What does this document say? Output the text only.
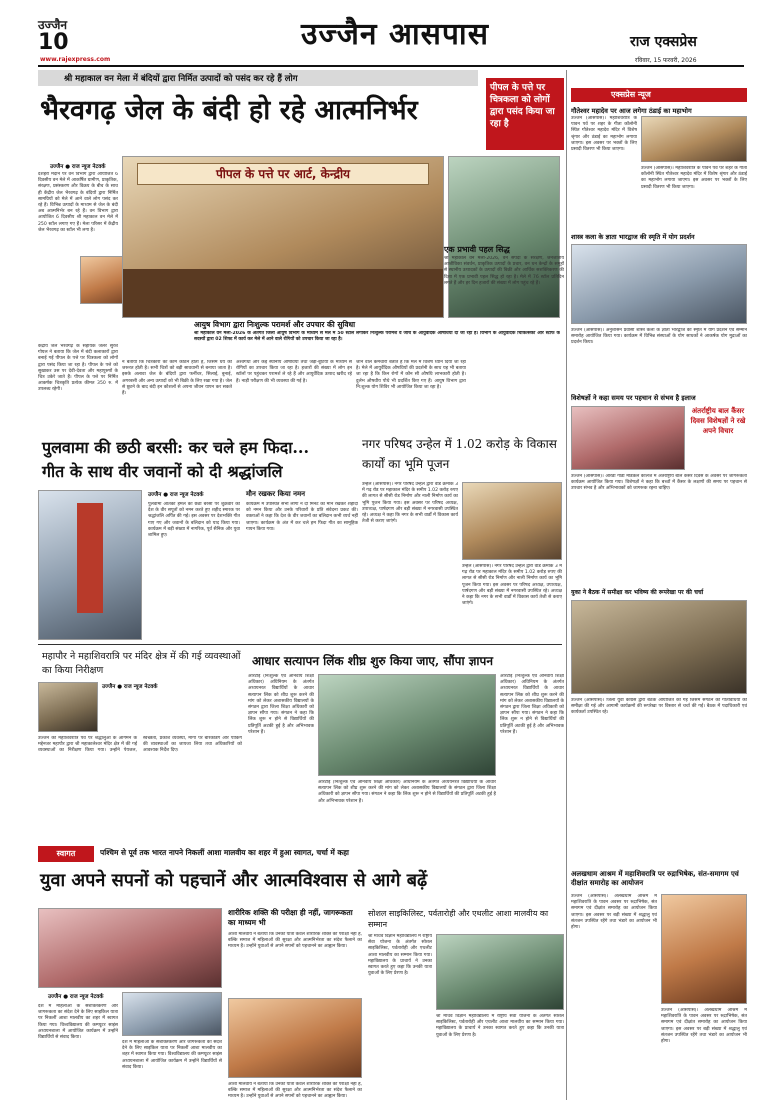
उज्जैन
10
www.rajexpress.com
उज्जैन आसपास	राज एक्सप्रेस
रविवार, 15 फरवरी, 2026
श्री महाकाल वन मेला में बंदियों द्वारा निर्मित उत्पादों को पसंद कर रहे हैं लोग
भैरवगढ़ जेल के बंदी हो रहे आत्मनिर्भर
पीपल के पत्ते पर चित्रकला को लोगों द्वारा पसंद किया जा रहा है
उज्जैन ● राज न्यूज नेटवर्क
दशहरा मैदान पर वन विभाग द्वारा आयोजित 6 दिवसीय वन मेले में आकर्षित ग्रामीण, प्राकृतिक, संरक्षण, प्रसंस्करण और विक्रय के बीच के साथ ही केंद्रीय जेल भैरवगढ़ के बंदियों द्वारा निर्मित सामग्रियों को मेले में आने वाले लोग पसंद कर रहे हैं। विभिन्न उत्पादों के माध्यम से जेल के बंदी अब आत्मनिर्भर बन रहे हैं। वन विभाग द्वारा आयोजित 6 दिवसीय श्री महाकाल वन मेले में 250 स्टॉल लगाए गए हैं। मेला परिसर में केंद्रीय जेल भैरवगढ़ का स्टॉल भी लगा है।
केंद्रीय जेल भैरवगढ़ के सहायक जेलर सुरेश गोयल ने बताया कि जेल में बंदी कलाकारों द्वारा बनाई गई पीपल के पत्ते पर चित्रकला को लोगों द्वारा पसंद किया जा रहा है। पीपल के पत्ते को सुखाकर उस पर देवी-देवता और महापुरुषों के चित्र उकेरे जाते हैं। पीपल के पत्ते पर निर्मित आकर्षक चित्रकृति प्रत्येक कीमत 350 रु. में उपलब्ध रहेगी।
पीपल के पत्ते पर आर्ट, केन्द्रीय
आयुष विभाग द्वारा निःशुल्क परामर्श और उपचार की सुविधा
श्री महाकाल वन मेला-2026 के अंतर्गत जिला आयुष विभाग के माध्यम से मेले में 50 स्टॉल लगाकर निःशुल्क परामर्श व जाँच के आयुर्वेदिक औषधियों दी जा रही हैं। विभाग के आयुर्वेदिक चिकित्सकों और स्टाफ के सदस्यों द्वारा 02 शिफ्ट में कार्य कर मेले में आने वाले रोगियों को उपचार किया जा रहा है।
ने बताया कि चित्रकारी का काम कठिन होता है, जिसमें धैर्य की जरूरत होती है। सभी चित्रों को बड़ी सावधानी से बनाया जाता है। इसके अलावा जेल के बंदियों द्वारा फर्नीचर, सिलाई, बुनाई, अगरबत्ती और अन्य उत्पादों को भी बिक्री के लिए रखा गया है। जेल से छूटने के बाद बंदी इन कौशलों से अपना जीवन यापन कर सकते हैं।
अश्वगंधा और कई स्थानीय औषधियाँ तथा जड़ी-बूटियों के माध्यम से रोगियों का उपचार किया जा रहा है। हजारों की संख्या में लोग इन स्टॉलों पर पहुंचकर परामर्श ले रहे हैं और आयुर्वेदिक उत्पाद खरीद रहे हैं। नाड़ी परीक्षण की भी व्यवस्था की गई है।
जाने वाले कर्मचारी बताते हैं कि मेले में विशेष ध्यान दिया जा रहा है। मेले में आयुर्वेदिक औषधियों की प्रदर्शनी के साथ यह भी बताया जा रहा है कि किन रोगों में कौन सी औषधि लाभकारी होती है। दुर्लभ औषधीय पौधे भी प्रदर्शित किए गए हैं। आयुष विभाग द्वारा नि:शुल्क योग शिविर भी आयोजित किया जा रहा है।
एक प्रभावी पहल सिद्ध
श्री महाकाल वन मेला-2026, वन संपदा के संरक्षण, जनजातीय आजीविका संवर्धन, प्राकृतिक उत्पादों के प्रचार, वन धन केन्द्रों के समूहों से स्थानीय उत्पादकों के उत्पादों की बिक्री और आर्थिक सशक्तिकरण की दिशा में एक प्रभावी पहल सिद्ध हो रहा है। मेले में 76 स्टॉल प्रतिदिन लगते हैं और हर दिन हजारों की संख्या में लोग पहुंच रहे हैं।
एक्सप्रेस न्यूज
गौतेश्वर महादेव पर आज लगेगा ठंडाई का महाभोग
उज्जैन (आसपास)। महाशिवरात्रि के पावन पर्व पर शहर के गीता कॉलोनी स्थित गौतेश्वर महादेव मंदिर में विशेष श्रृंगार और ठंडाई का महाभोग लगाया जाएगा। इस अवसर पर भक्तों के लिए प्रसादी वितरण भी किया जाएगा।
उज्जैन (आसपास)। महाशिवरात्रि के पावन पर्व पर शहर के गीता कॉलोनी स्थित गौतेश्वर महादेव मंदिर में विशेष श्रृंगार और ठंडाई का महाभोग लगाया जाएगा। इस अवसर पर भक्तों के लिए प्रसादी वितरण भी किया जाएगा।
शास्त्र कला के ज्ञाता भारद्वाज की स्मृति में योग प्रदर्शन
उज्जैन (आसपास)। अनुशासन प्रवासी शास्त्र कला के ज्ञाता भारद्वाज की स्मृति में योग प्रदर्शन एवं सम्मान समारोह आयोजित किया गया। कार्यक्रम में विभिन्न संस्थाओं के योग साधकों ने आकर्षक योग मुद्राओं का प्रदर्शन किया।
विशेषज्ञों ने कहा समय पर पहचान से संभव है इलाज
अंतर्राष्ट्रीय बाल कैंसर दिवस विशेषज्ञों ने रखे अपने विचार
उज्जैन (आसपास)। आरडी गार्डी मेडिकल कॉलेज में अंतर्राष्ट्रीय बाल कैंसर दिवस के अवसर पर जागरूकता कार्यक्रम आयोजित किया गया। विशेषज्ञों ने कहा कि बच्चों में कैंसर के लक्षणों की समय पर पहचान से उपचार संभव है और अभिभावकों को जागरूक रहना चाहिए।
युका ने बैठक में समीक्षा कर भविष्य की रूपरेखा पर की चर्चा
उज्जैन (आसपास)। जिला युवा कांग्रेस द्वारा बैठक आयोजित की गई जिसमें संगठन की गतिविधियों की समीक्षा की गई और आगामी कार्यक्रमों की रूपरेखा पर विस्तार से चर्चा की गई। बैठक में पदाधिकारी एवं कार्यकर्ता उपस्थित रहे।
अलखधाम आश्रम में महाशिवरात्रि पर रुद्राभिषेक, संत-समागम एवं दीक्षांत समारोह का आयोजन
उज्जैन (आसपास)। अलखधाम आश्रम में महाशिवरात्रि के पावन अवसर पर रुद्राभिषेक, संत समागम एवं दीक्षांत समारोह का आयोजन किया जाएगा। इस अवसर पर बड़ी संख्या में श्रद्धालु एवं संतजन उपस्थित रहेंगे तथा भंडारे का आयोजन भी होगा।
उज्जैन (आसपास)। अलखधाम आश्रम में महाशिवरात्रि के पावन अवसर पर रुद्राभिषेक, संत समागम एवं दीक्षांत समारोह का आयोजन किया जाएगा। इस अवसर पर बड़ी संख्या में श्रद्धालु एवं संतजन उपस्थित रहेंगे तथा भंडारे का आयोजन भी होगा।
पुलवामा की छठी बरसी: कर चले हम फिदा...
गीत के साथ वीर जवानों को दी श्रद्धांजलि
उज्जैन ● राज न्यूज नेटवर्क
पुलवामा आतंकी हमले की छठी बरसी पर शुक्रवार को देश के वीर सपूतों को नमन करते हुए शहीद स्मारक पर श्रद्धांजलि अर्पित की गई। इस अवसर पर देशभक्ति गीत गाए गए और जवानों के बलिदान को याद किया गया। कार्यक्रम में बड़ी संख्या में नागरिक, पूर्व सैनिक और युवा शामिल हुए।
मौन रखकर किया नमन
कार्यक्रम में उपस्थित सभी लोगों ने दो मिनट का मौन रखकर शहीदों को नमन किया और उनके परिवारों के प्रति संवेदना प्रकट की। वक्ताओं ने कहा कि देश के वीर जवानों का बलिदान कभी व्यर्थ नहीं जाएगा। कार्यक्रम के अंत में कर चले हम फिदा गीत का सामूहिक गायन किया गया।
नगर परिषद उन्हेल में 1.02 करोड़ के विकास कार्यों का भूमि पूजन
उन्हेल (आसपास)। नगर परिषद उन्हेल द्वारा वार्ड क्रमांक 3 में गढ़ रोड पर महाकाल मंदिर के समीप 1.02 करोड़ रुपए की लागत से सीसी रोड निर्माण और नाली निर्माण कार्य का भूमि पूजन किया गया। इस अवसर पर परिषद अध्यक्ष, उपाध्यक्ष, पार्षदगण और बड़ी संख्या में नगरवासी उपस्थित रहे। अध्यक्ष ने कहा कि नगर के सभी वार्डों में विकास कार्य तेजी से कराए जाएंगे।
उन्हेल (आसपास)। नगर परिषद उन्हेल द्वारा वार्ड क्रमांक 3 में गढ़ रोड पर महाकाल मंदिर के समीप 1.02 करोड़ रुपए की लागत से सीसी रोड निर्माण और नाली निर्माण कार्य का भूमि पूजन किया गया। इस अवसर पर परिषद अध्यक्ष, उपाध्यक्ष, पार्षदगण और बड़ी संख्या में नगरवासी उपस्थित रहे। अध्यक्ष ने कहा कि नगर के सभी वार्डों में विकास कार्य तेजी से कराए जाएंगे।
महापौर ने महाशिवरात्रि पर मंदिर क्षेत्र में की गई व्यवस्थाओं का किया निरीक्षण
उज्जैन ● राज न्यूज नेटवर्क
उज्जैन को महाशिवरात्रि पर्व पर श्रद्धालुओं के आगमन के मद्देनजर महापौर द्वारा श्री महाकालेश्वर मंदिर क्षेत्र में की गई व्यवस्थाओं का निरीक्षण किया गया। उन्होंने पेयजल, स्वच्छता, प्रकाश व्यवस्था, मार्गों पर बैरिकेडिंग और पार्किंग की व्यवस्थाओं का जायजा लिया तथा अधिकारियों को आवश्यक निर्देश दिए।
आधार सत्यापन लिंक शीघ्र शुरु किया जाए, सौंपा ज्ञापन
आरटीई (निःशुल्क एवं अनिवार्य शिक्षा अधिकार) अधिनियम के अंतर्गत अध्ययनरत विद्यार्थियों के आधार सत्यापन लिंक को शीघ्र शुरू करने की मांग को लेकर अशासकीय विद्यालयों के संगठन द्वारा जिला शिक्षा अधिकारी को ज्ञापन सौंपा गया। संगठन ने कहा कि लिंक शुरू न होने से विद्यार्थियों की प्रतिपूर्ति अटकी हुई है और अभिभावक परेशान हैं।
आरटीई (निःशुल्क एवं अनिवार्य शिक्षा अधिकार) अधिनियम के अंतर्गत अध्ययनरत विद्यार्थियों के आधार सत्यापन लिंक को शीघ्र शुरू करने की मांग को लेकर अशासकीय विद्यालयों के संगठन द्वारा जिला शिक्षा अधिकारी को ज्ञापन सौंपा गया। संगठन ने कहा कि लिंक शुरू न होने से विद्यार्थियों की प्रतिपूर्ति अटकी हुई है और अभिभावक परेशान हैं।
आरटीई (निःशुल्क एवं अनिवार्य शिक्षा अधिकार) अधिनियम के अंतर्गत अध्ययनरत विद्यार्थियों के आधार सत्यापन लिंक को शीघ्र शुरू करने की मांग को लेकर अशासकीय विद्यालयों के संगठन द्वारा जिला शिक्षा अधिकारी को ज्ञापन सौंपा गया। संगठन ने कहा कि लिंक शुरू न होने से विद्यार्थियों की प्रतिपूर्ति अटकी हुई है और अभिभावक परेशान हैं।
स्वागत	पश्चिम से पूर्व तक भारत नापने निकलीं आशा मालवीय का शहर में हुआ स्वागत, चर्चा में कहा
युवा अपने सपनों को पहचानें और आत्मविश्वास से आगे बढ़ें
उज्जैन ● राज न्यूज नेटवर्क
देश में महिलाओं के सशक्तिकरण और जागरूकता का संदेश देने के लिए साइकिल यात्रा पर निकलीं आशा मालवीय का शहर में स्वागत किया गया। विश्वविद्यालय की कम्प्यूटर साइंस अध्ययनशाला में आयोजित कार्यक्रम में उन्होंने विद्यार्थियों से संवाद किया।
देश में महिलाओं के सशक्तिकरण और जागरूकता का संदेश देने के लिए साइकिल यात्रा पर निकलीं आशा मालवीय का शहर में स्वागत किया गया। विश्वविद्यालय की कम्प्यूटर साइंस अध्ययनशाला में आयोजित कार्यक्रम में उन्होंने विद्यार्थियों से संवाद किया।
शारीरिक शक्ति की परीक्षा ही नहीं, जागरूकता का माध्यम भी
आशा मालवीय ने बताया कि उनकी यात्रा केवल शारीरिक शक्ति की परीक्षा नहीं है, बल्कि समाज में महिलाओं की सुरक्षा और आत्मनिर्भरता का संदेश फैलाने का माध्यम है। उन्होंने युवाओं से अपने सपनों को पहचानने का आह्वान किया।
आशा मालवीय ने बताया कि उनकी यात्रा केवल शारीरिक शक्ति की परीक्षा नहीं है, बल्कि समाज में महिलाओं की सुरक्षा और आत्मनिर्भरता का संदेश फैलाने का माध्यम है। उन्होंने युवाओं से अपने सपनों को पहचानने का आह्वान किया।
सोशल साइकिलिस्ट, पर्वतारोही और एथलीट आशा मालवीय का सम्मान
श्री माधव विज्ञान महाविद्यालय में राष्ट्रीय सेवा योजना के अंतर्गत सोशल साइकिलिस्ट, पर्वतारोही और एथलीट आशा मालवीय का सम्मान किया गया। महाविद्यालय के प्राचार्य ने उनका स्वागत करते हुए कहा कि उनकी यात्रा युवाओं के लिए प्रेरणा है।
श्री माधव विज्ञान महाविद्यालय में राष्ट्रीय सेवा योजना के अंतर्गत सोशल साइकिलिस्ट, पर्वतारोही और एथलीट आशा मालवीय का सम्मान किया गया। महाविद्यालय के प्राचार्य ने उनका स्वागत करते हुए कहा कि उनकी यात्रा युवाओं के लिए प्रेरणा है।
